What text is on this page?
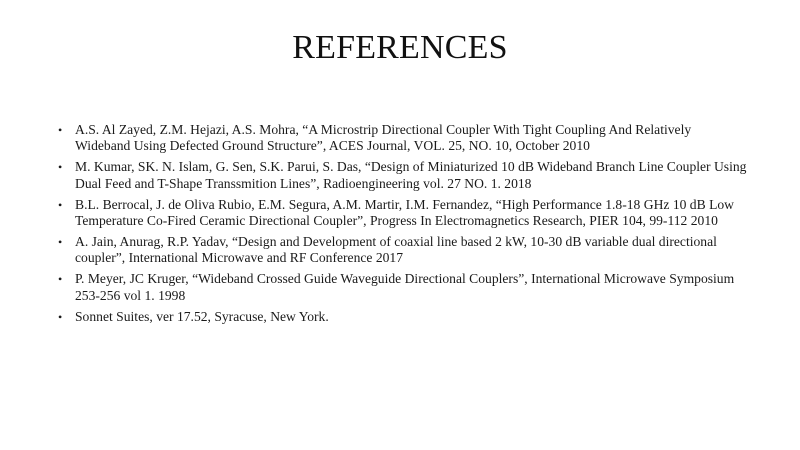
REFERENCES
• A.S. Al Zayed, Z.M. Hejazi, A.S. Mohra, “A Microstrip Directional Coupler With Tight Coupling And Relatively Wideband Using Defected Ground Structure”, ACES Journal, VOL. 25, NO. 10, October 2010
• M. Kumar, SK. N. Islam, G. Sen, S.K. Parui, S. Das, “Design of Miniaturized 10 dB Wideband Branch Line Coupler Using Dual Feed and T-Shape Transsmition Lines”, Radioengineering vol. 27 NO. 1. 2018
• B.L. Berrocal, J. de Oliva Rubio, E.M. Segura, A.M. Martir, I.M. Fernandez, “High Performance 1.8-18 GHz 10 dB Low Temperature Co-Fired Ceramic Directional Coupler”, Progress In Electromagnetics Research, PIER 104, 99-112 2010
• A. Jain, Anurag, R.P. Yadav, “Design and Development of coaxial line based 2 kW, 10-30 dB variable dual directional coupler”, International Microwave and RF Conference 2017
• P. Meyer, JC Kruger, “Wideband Crossed Guide Waveguide Directional Couplers”, International Microwave Symposium 253-256 vol 1. 1998
• Sonnet Suites, ver 17.52, Syracuse, New York.
